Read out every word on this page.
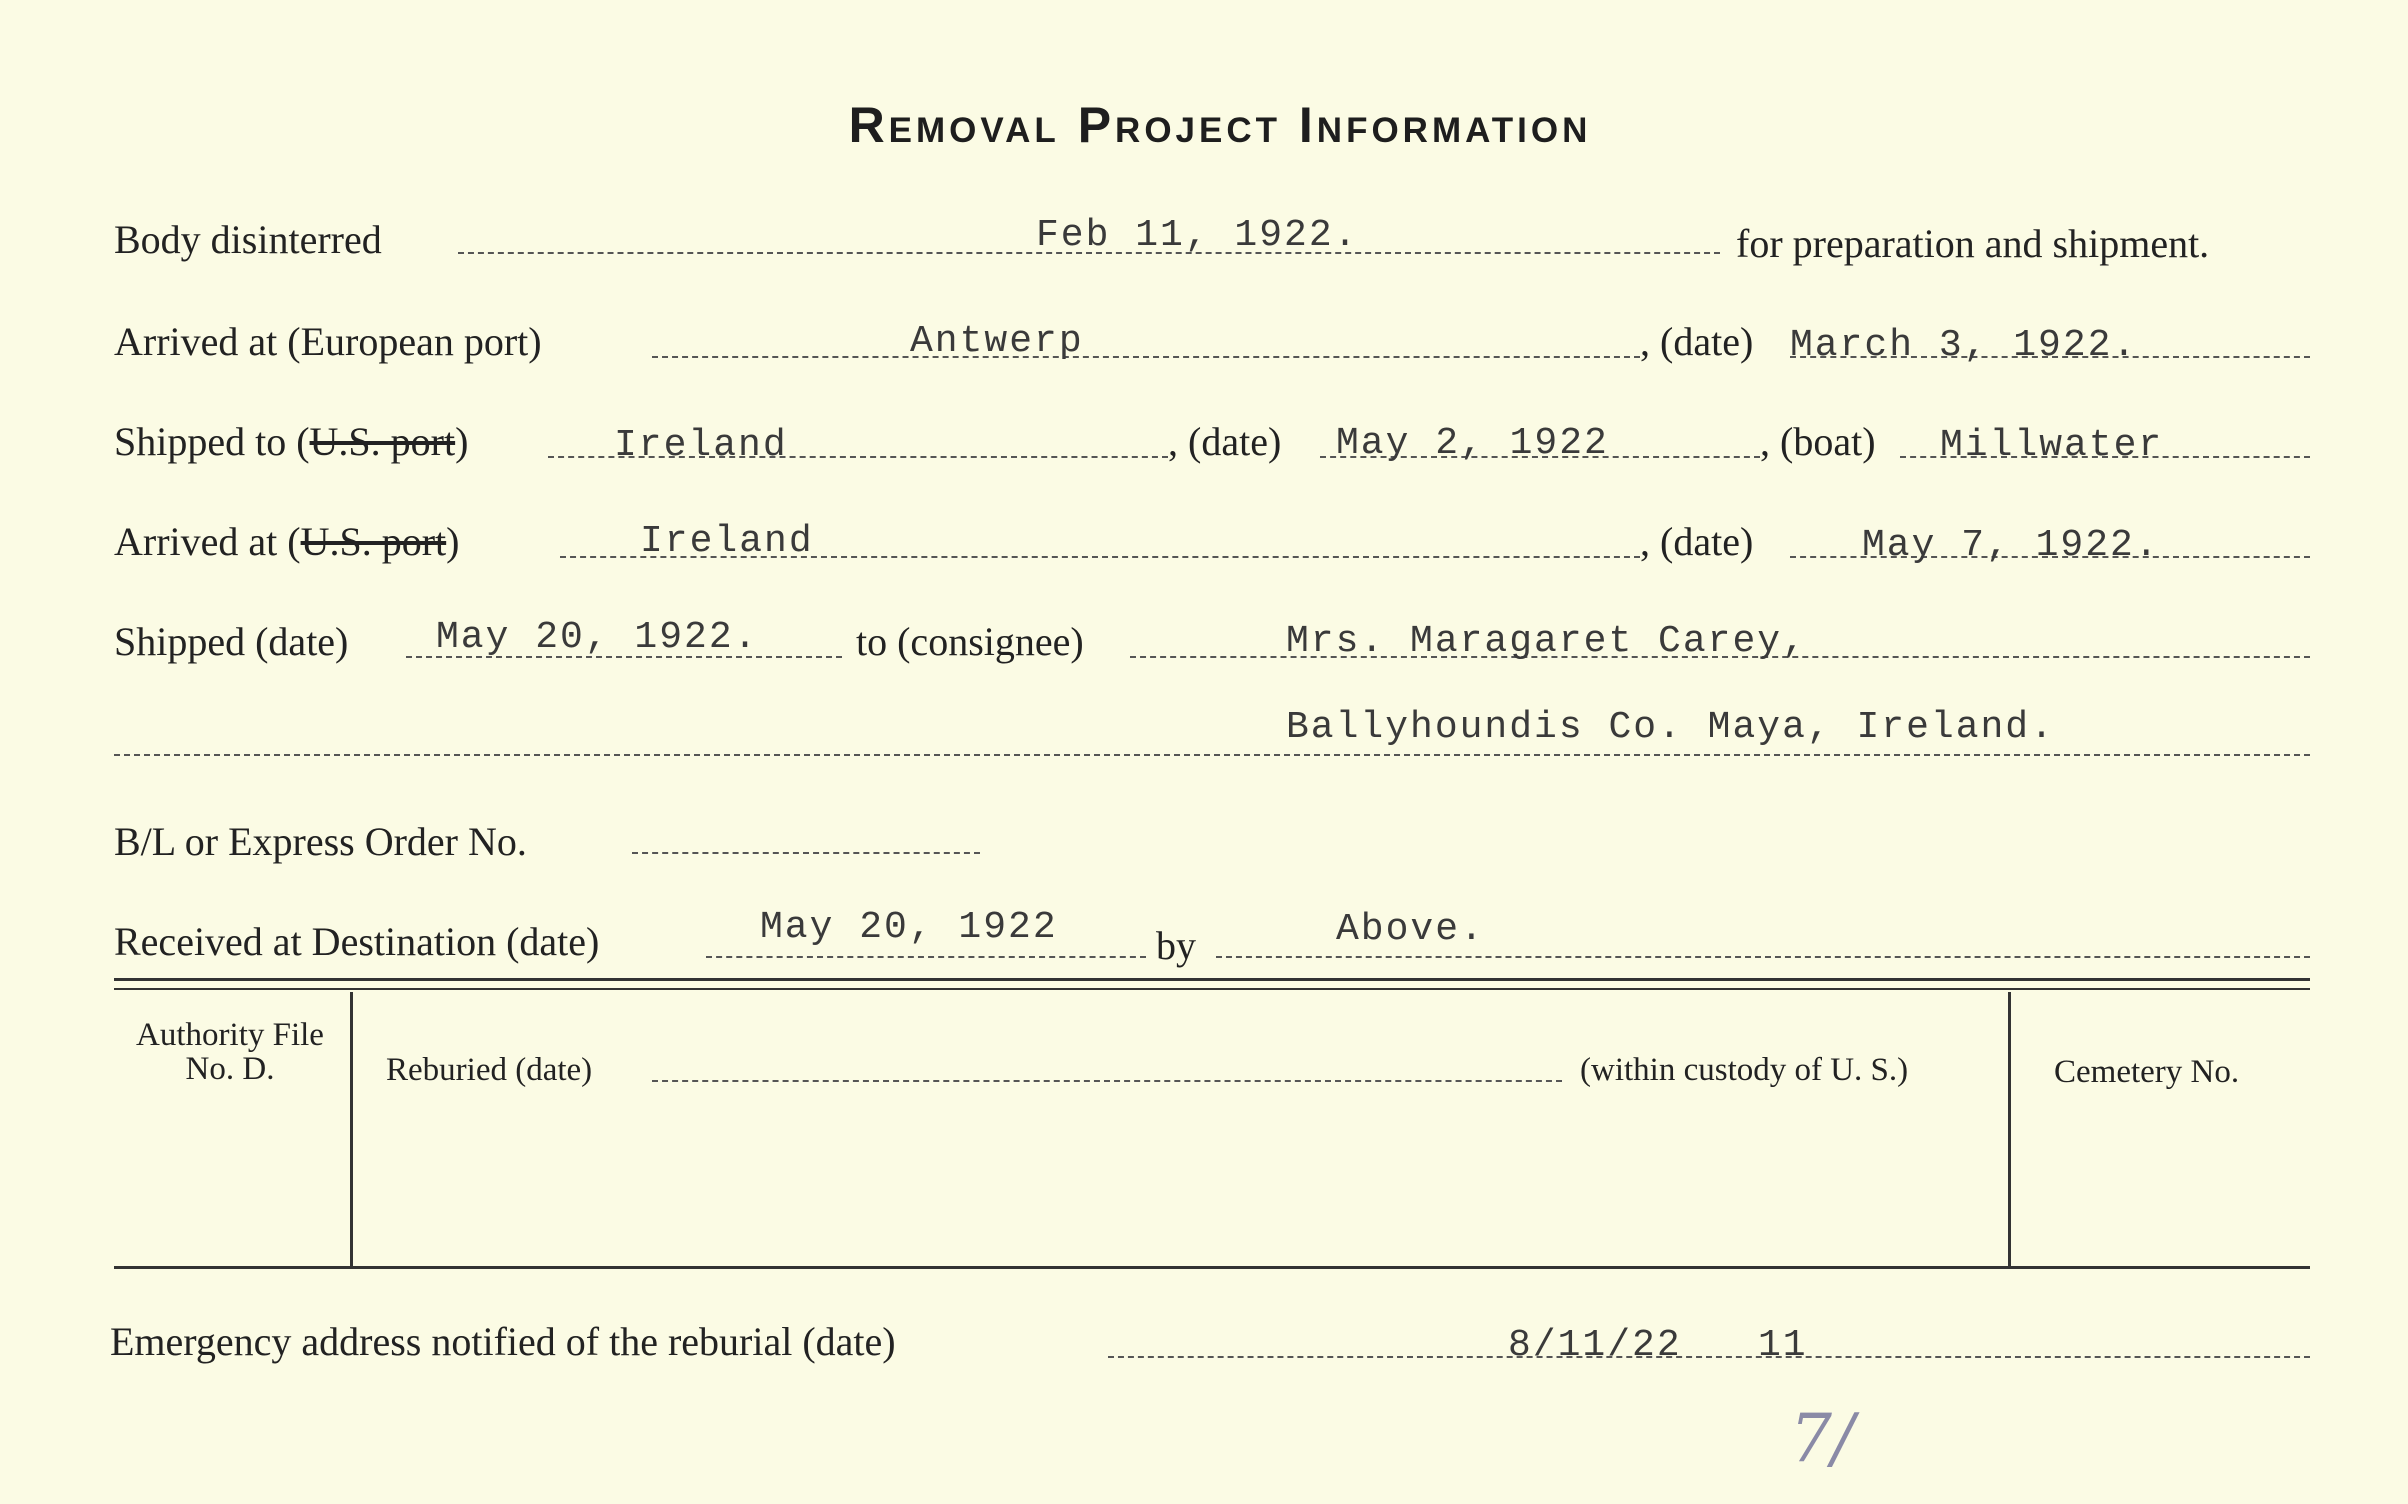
Removal Project Information
Body disinterred	Feb 11, 1922.	for preparation and shipment.
Arrived at (European port)	Antwerp	, (date) March 3, 1922.
Shipped to (U.S. port)	Ireland	, (date) May 2, 1922	, (boat) Millwater
Arrived at (U.S. port)	Ireland	, (date)	May 7, 1922.
Shipped (date) May 20, 1922. to (consignee)	Mrs. Maragaret Carey,
Ballyhoundis Co. Maya, Ireland.
B/L or Express Order No.
Received at Destination (date)	May 20, 1922 by	Above.
Authority File No. D.	Reburied (date)	(within custody of U. S.)	Cemetery No.
Emergency address notified of the reburial (date)	8/11/22 11
7/
